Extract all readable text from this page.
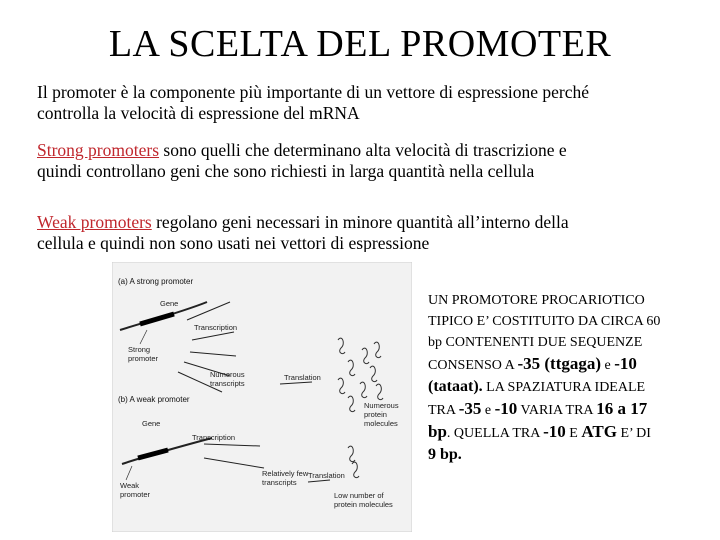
LA SCELTA DEL PROMOTER
Il promoter è la componente più importante di un vettore di espressione perché
controlla la velocità di espressione del mRNA
Strong promoters sono quelli che determinano alta velocità di trascrizione e
quindi controllano geni che sono richiesti in larga quantità nella cellula
Weak promoters regolano geni necessari in minore quantità all’interno della
cellula e quindi non sono usati nei vettori di espressione
(a) A strong promoter
Gene
Strong
promoter
Transcription
Numerous
transcripts
Translation
Numerous
protein
molecules
(b) A weak promoter
Gene
Transcription
Weak
promoter
Relatively few
transcripts
Translation
Low number of
protein molecules
UN PROMOTORE PROCARIOTICO
TIPICO E’ COSTITUITO DA CIRCA 60
bp CONTENENTI DUE SEQUENZE
CONSENSO A -35 (ttgaga) e -10
(tataat). LA SPAZIATURA IDEALE
TRA -35 e -10 VARIA TRA 16 a 17
bp. QUELLA TRA -10 E ATG E’ DI
9 bp.
